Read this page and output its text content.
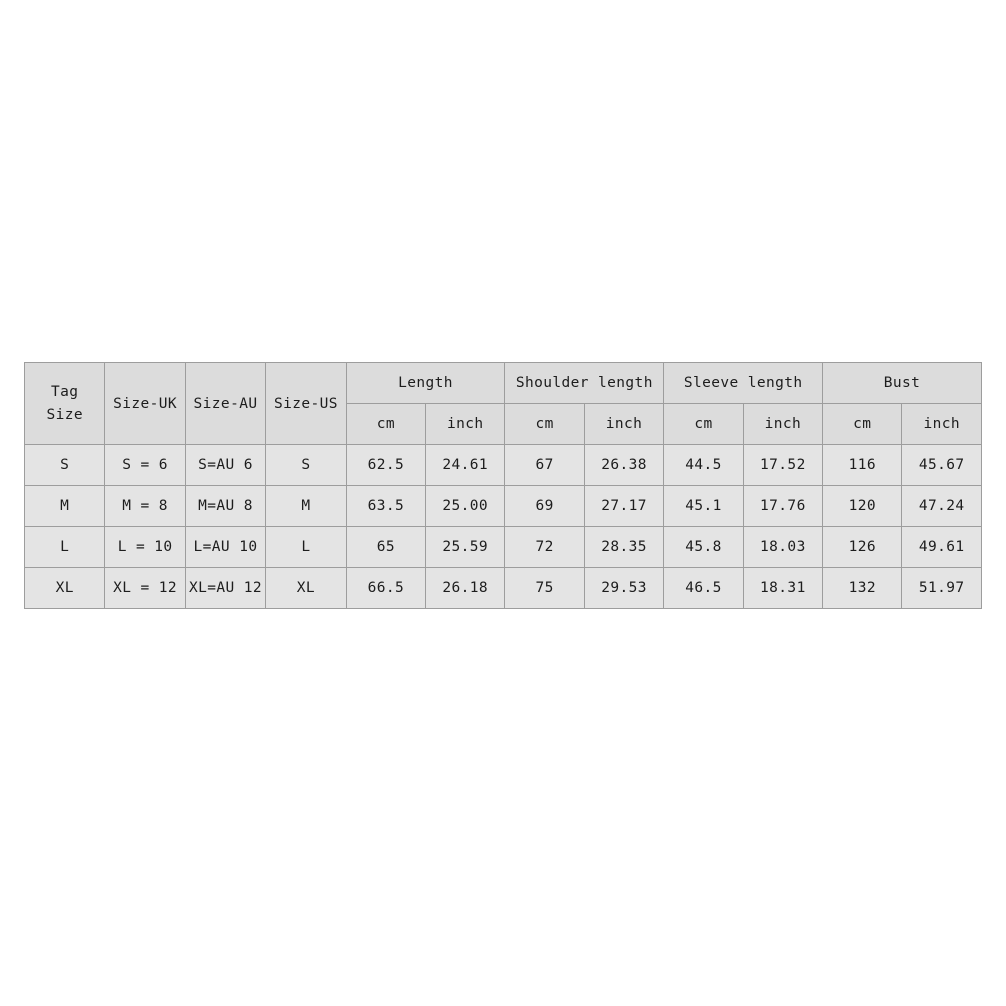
Tag
Size	Size-UK	Size-AU	Size-US	Length		Shoulder length		Sleeve length		Bust	
				cm	inch	cm	inch	cm	inch	cm	inch
S	S = 6	S=AU 6	S	62.5	24.61	67	26.38	44.5	17.52	116	45.67
M	M = 8	M=AU 8	M	63.5	25.00	69	27.17	45.1	17.76	120	47.24
L	L = 10	L=AU 10	L	65	25.59	72	28.35	45.8	18.03	126	49.61
XL	XL = 12	XL=AU 12	XL	66.5	26.18	75	29.53	46.5	18.31	132	51.97
